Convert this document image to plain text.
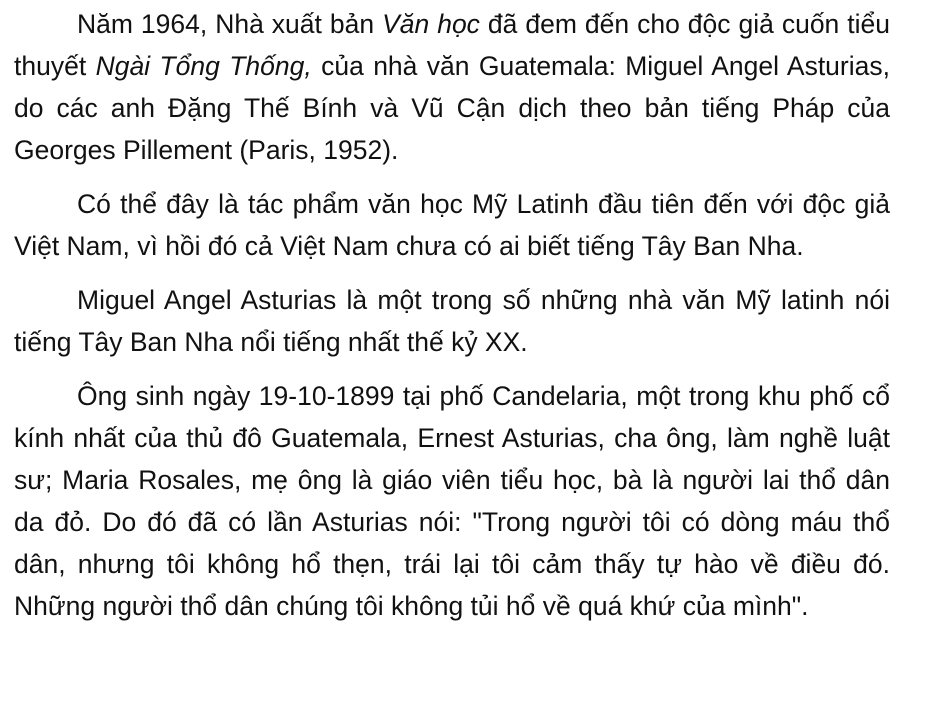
Năm 1964, Nhà xuất bản Văn học đã đem đến cho độc giả cuốn tiểu thuyết Ngài Tổng Thống, của nhà văn Guatemala: Miguel Angel Asturias, do các anh Đặng Thế Bính và Vũ Cận dịch theo bản tiếng Pháp của Georges Pillement (Paris, 1952).

Có thể đây là tác phẩm văn học Mỹ Latinh đầu tiên đến với độc giả Việt Nam, vì hồi đó cả Việt Nam chưa có ai biết tiếng Tây Ban Nha.

Miguel Angel Asturias là một trong số những nhà văn Mỹ latinh nói tiếng Tây Ban Nha nổi tiếng nhất thế kỷ XX.

Ông sinh ngày 19-10-1899 tại phố Candelaria, một trong khu phố cổ kính nhất của thủ đô Guatemala, Ernest Asturias, cha ông, làm nghề luật sư; Maria Rosales, mẹ ông là giáo viên tiểu học, bà là người lai thổ dân da đỏ. Do đó đã có lần Asturias nói: "Trong người tôi có dòng máu thổ dân, nhưng tôi không hổ thẹn, trái lại tôi cảm thấy tự hào về điều đó. Những người thổ dân chúng tôi không tủi hổ về quá khứ của mình".
